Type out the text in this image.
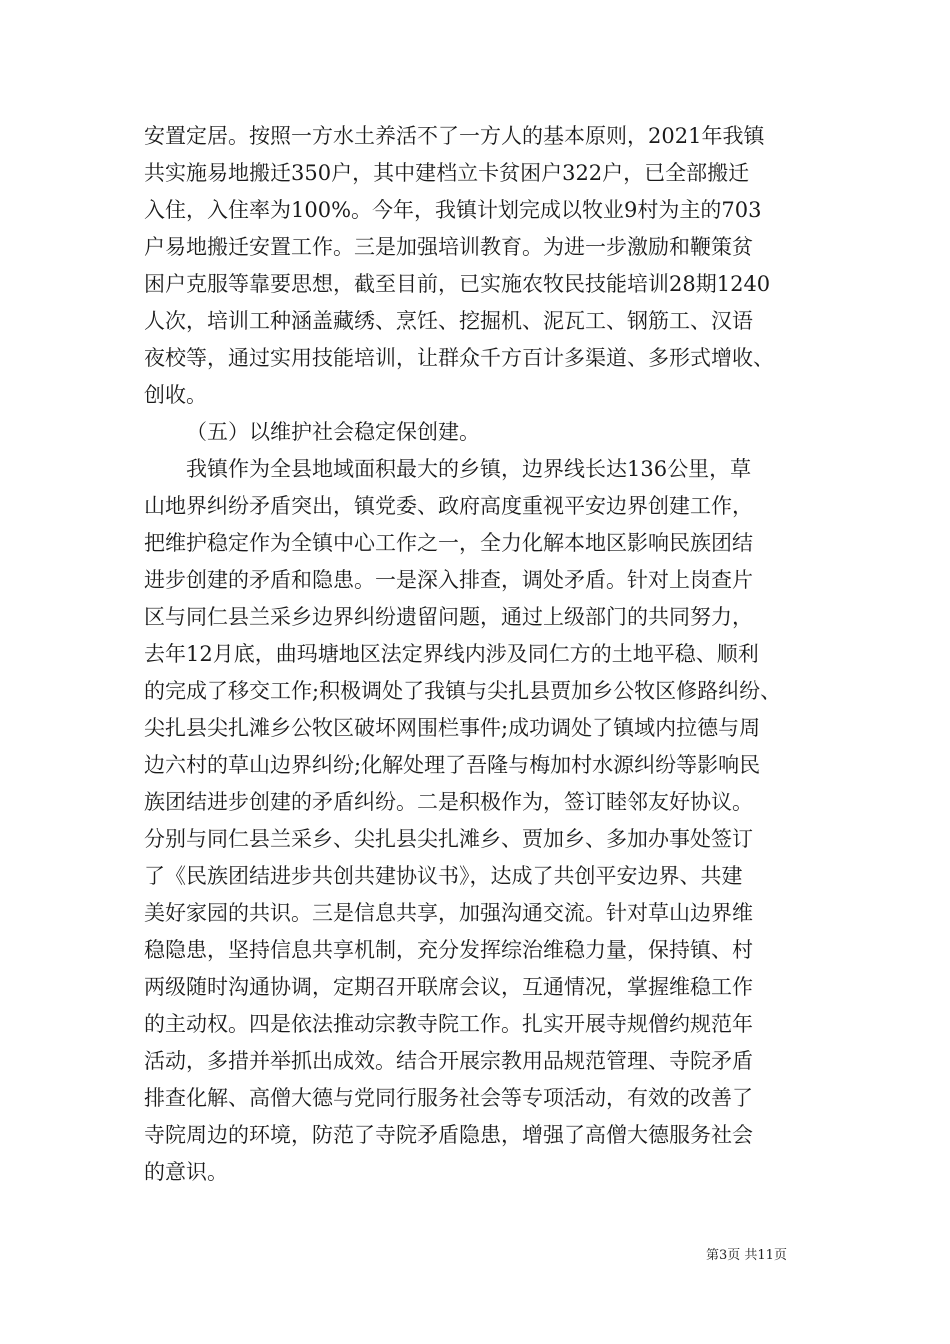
安置定居。按照一方水土养活不了一方人的基本原则，2021年我镇
共实施易地搬迁350户，其中建档立卡贫困户322户，已全部搬迁
入住，入住率为100%。今年，我镇计划完成以牧业9村为主的703
户易地搬迁安置工作。三是加强培训教育。为进一步激励和鞭策贫
困户克服等靠要思想，截至目前，已实施农牧民技能培训28期1240
人次，培训工种涵盖藏绣、烹饪、挖掘机、泥瓦工、钢筋工、汉语
夜校等，通过实用技能培训，让群众千方百计多渠道、多形式增收、
创收。
（五）以维护社会稳定保创建。
我镇作为全县地域面积最大的乡镇，边界线长达136公里，草
山地界纠纷矛盾突出，镇党委、政府高度重视平安边界创建工作，
把维护稳定作为全镇中心工作之一，全力化解本地区影响民族团结
进步创建的矛盾和隐患。一是深入排查，调处矛盾。针对上岗查片
区与同仁县兰采乡边界纠纷遗留问题，通过上级部门的共同努力，
去年12月底，曲玛塘地区法定界线内涉及同仁方的土地平稳、顺利
的完成了移交工作;积极调处了我镇与尖扎县贾加乡公牧区修路纠纷、
尖扎县尖扎滩乡公牧区破坏网围栏事件;成功调处了镇域内拉德与周
边六村的草山边界纠纷;化解处理了吾隆与梅加村水源纠纷等影响民
族团结进步创建的矛盾纠纷。二是积极作为，签订睦邻友好协议。
分别与同仁县兰采乡、尖扎县尖扎滩乡、贾加乡、多加办事处签订
了《民族团结进步共创共建协议书》，达成了共创平安边界、共建
美好家园的共识。三是信息共享，加强沟通交流。针对草山边界维
稳隐患，坚持信息共享机制，充分发挥综治维稳力量，保持镇、村
两级随时沟通协调，定期召开联席会议，互通情况，掌握维稳工作
的主动权。四是依法推动宗教寺院工作。扎实开展寺规僧约规范年
活动，多措并举抓出成效。结合开展宗教用品规范管理、寺院矛盾
排查化解、高僧大德与党同行服务社会等专项活动，有效的改善了
寺院周边的环境，防范了寺院矛盾隐患，增强了高僧大德服务社会
的意识。
第3页 共11页
